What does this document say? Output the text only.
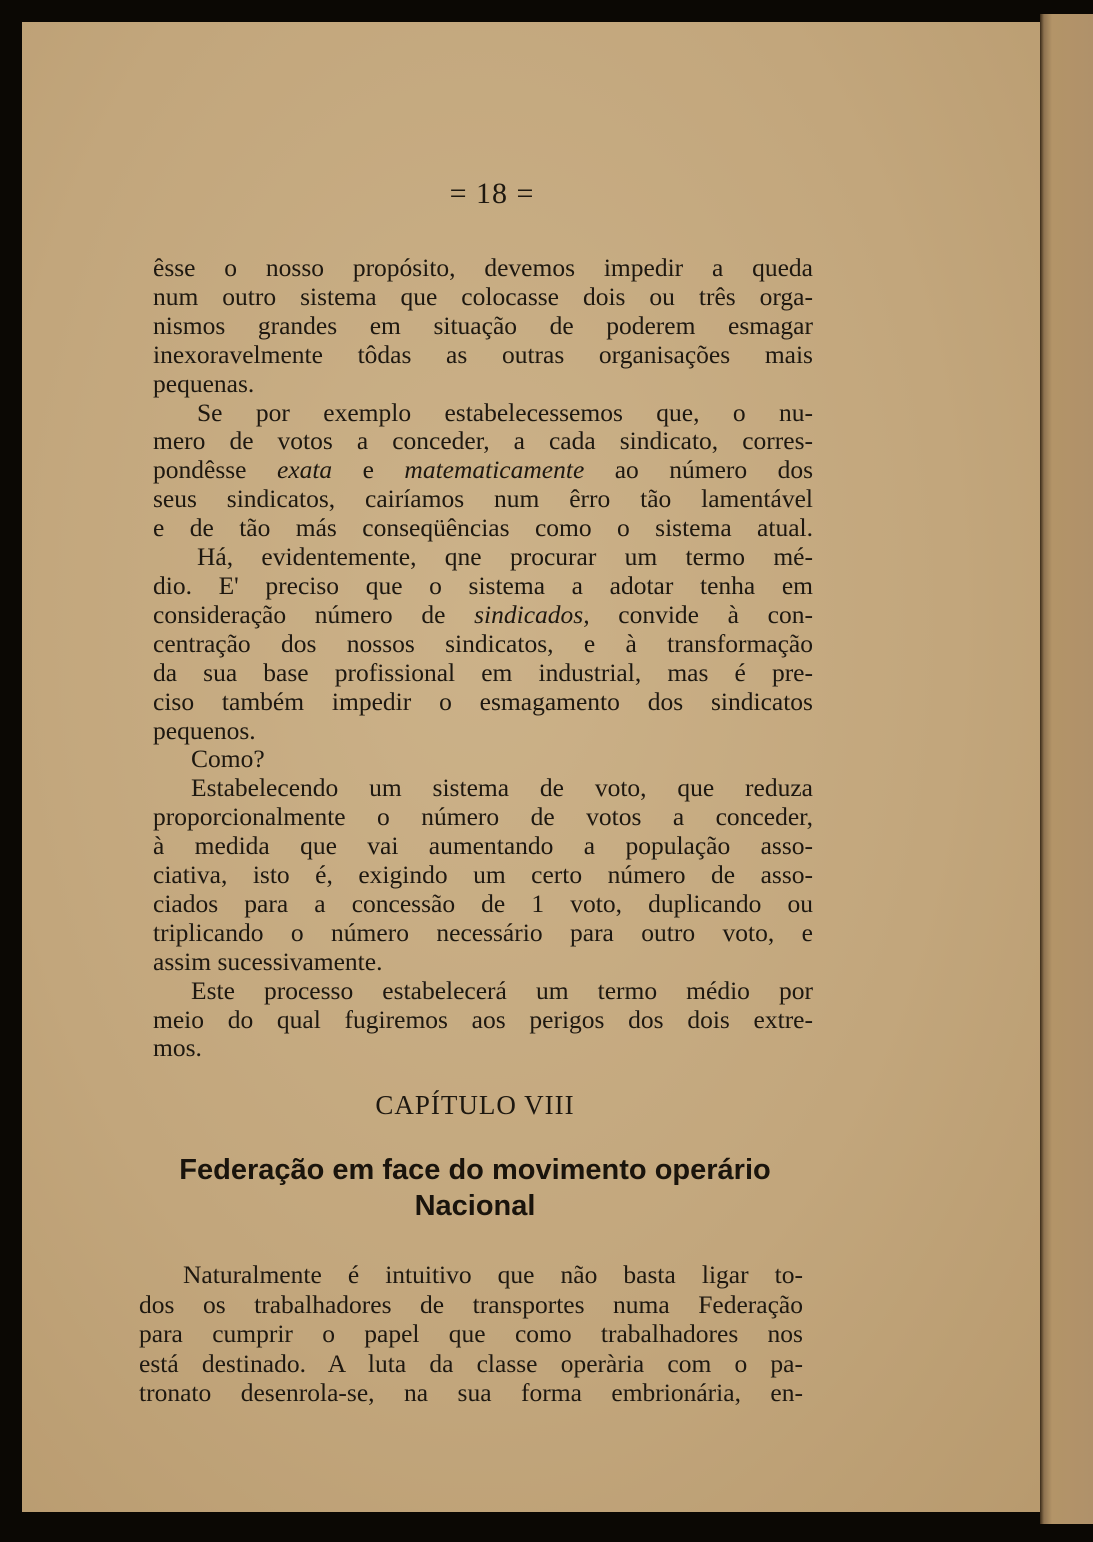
= 18 =
êsse o nosso propósito, devemos impedir a queda
num outro sistema que colocasse dois ou três orga-
nismos grandes em situação de poderem esmagar
inexoravelmente tôdas as outras organisações mais
pequenas.
Se por exemplo estabelecessemos que, o nu-
mero de votos a conceder, a cada sindicato, corres-
pondêsse exata e matematicamente ao número dos
seus sindicatos, cairíamos num êrro tão lamentável
e de tão más conseqüências como o sistema atual.
Há, evidentemente, qne procurar um termo mé-
dio. E' preciso que o sistema a adotar tenha em
consideração número de sindicados, convide à con-
centração dos nossos sindicatos, e à transformação
da sua base profissional em industrial, mas é pre-
ciso também impedir o esmagamento dos sindicatos
pequenos.
Como?
Estabelecendo um sistema de voto, que reduza
proporcionalmente o número de votos a conceder,
à medida que vai aumentando a população asso-
ciativa, isto é, exigindo um certo número de asso-
ciados para a concessão de 1 voto, duplicando ou
triplicando o número necessário para outro voto, e
assim sucessivamente.
Este processo estabelecerá um termo médio por
meio do qual fugiremos aos perigos dos dois extre-
mos.
CAPÍTULO VIII
Federação em face do movimento operário
Nacional
Naturalmente é intuitivo que não basta ligar to-
dos os trabalhadores de transportes numa Federação
para cumprir o papel que como trabalhadores nos
está destinado. A luta da classe operària com o pa-
tronato desenrola-se, na sua forma embrionária, en-
